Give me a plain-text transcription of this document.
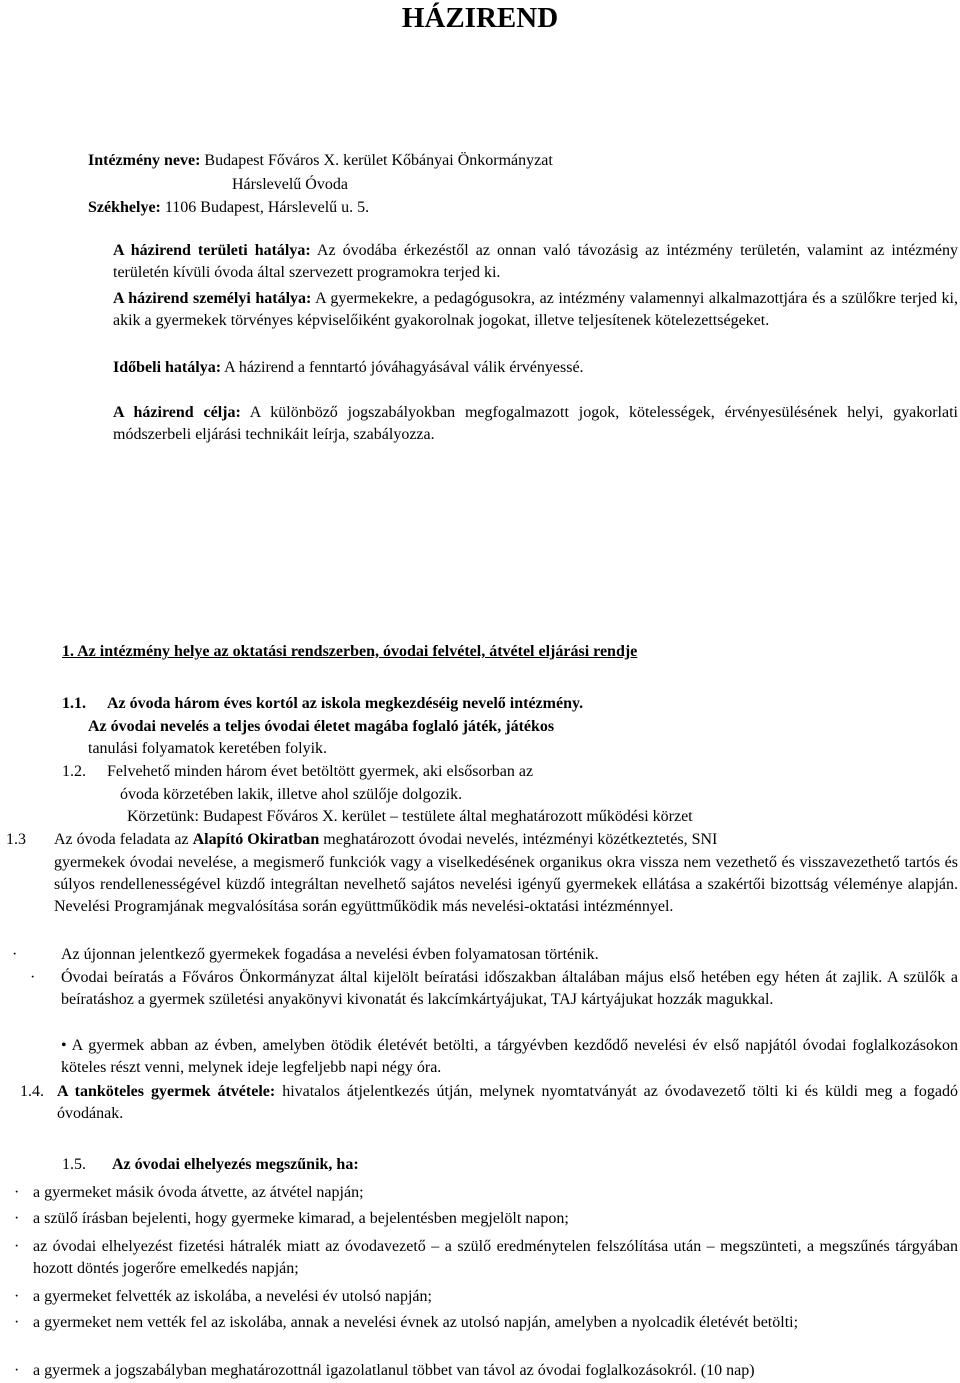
HÁZIREND
Intézmény neve: Budapest Főváros X. kerület Kőbányai Önkormányzat
Hárslevelű Óvoda
Székhelye: 1106 Budapest, Hárslevelű u. 5.
A házirend területi hatálya: Az óvodába érkezéstől az onnan való távozásig az intézmény területén, valamint az intézmény területén kívüli óvoda által szervezett programokra terjed ki.
A házirend személyi hatálya: A gyermekekre, a pedagógusokra, az intézmény valamennyi alkalmazottjára és a szülőkre terjed ki, akik a gyermekek törvényes képviselőiként gyakorolnak jogokat, illetve teljesítenek kötelezettségeket.
Időbeli hatálya: A házirend a fenntartó jóváhagyásával válik érvényessé.
A házirend célja: A különböző jogszabályokban megfogalmazott jogok, kötelességek, érvényesülésének helyi, gyakorlati módszerbeli eljárási technikáit leírja, szabályozza.
1. Az intézmény helye az oktatási rendszerben, óvodai felvétel, átvétel eljárási rendje
1.1. Az óvoda három éves kortól az iskola megkezdéséig nevelő intézmény.
Az óvodai nevelés a teljes óvodai életet magába foglaló játék, játékos
tanulási folyamatok keretében folyik.
1.2. Felvehető minden három évet betöltött gyermek, aki elsősorban az
óvoda körzetében lakik, illetve ahol szülője dolgozik.
Körzetünk: Budapest Főváros X. kerület – testülete által meghatározott működési körzet
1.3 Az óvoda feladata az Alapító Okiratban meghatározott óvodai nevelés, intézményi közétkeztetés, SNI
gyermekek óvodai nevelése, a megismerő funkciók vagy a viselkedésének organikus okra vissza nem vezethető és visszavezethető tartós és súlyos rendellenességével küzdő integráltan nevelhető sajátos nevelési igényű gyermekek ellátása a szakértői bizottság véleménye alapján. Nevelési Programjának megvalósítása során együttműködik más nevelési-oktatási intézménnyel.
·	Az újonnan jelentkező gyermekek fogadása a nevelési évben folyamatosan történik.
· Óvodai beíratás a Főváros Önkormányzat által kijelölt beíratási időszakban általában május első hetében egy héten át zajlik. A szülők a beíratáshoz a gyermek születési anyakönyvi kivonatát és lakcímkártyájukat, TAJ kártyájukat hozzák magukkal.
• A gyermek abban az évben, amelyben ötödik életévét betölti, a tárgyévben kezdődő nevelési év első napjától óvodai foglalkozásokon köteles részt venni, melynek ideje legfeljebb napi négy óra.
1.4. A tanköteles gyermek átvétele: hivatalos átjelentkezés útján, melynek nyomtatványát az óvodavezető tölti ki és küldi meg a fogadó óvodának.
1.5. Az óvodai elhelyezés megszűnik, ha:
· a gyermeket másik óvoda átvette, az átvétel napján;
· a szülő írásban bejelenti, hogy gyermeke kimarad, a bejelentésben megjelölt napon;
· az óvodai elhelyezést fizetési hátralék miatt az óvodavezető – a szülő eredménytelen felszólítása után – megszünteti, a megszűnés tárgyában hozott döntés jogerőre emelkedés napján;
· a gyermeket felvették az iskolába, a nevelési év utolsó napján;
· a gyermeket nem vették fel az iskolába, annak a nevelési évnek az utolsó napján, amelyben a nyolcadik életévét betölti;
· a gyermek a jogszabályban meghatározottnál igazolatlanul többet van távol az óvodai foglalkozásokról. (10 nap)
